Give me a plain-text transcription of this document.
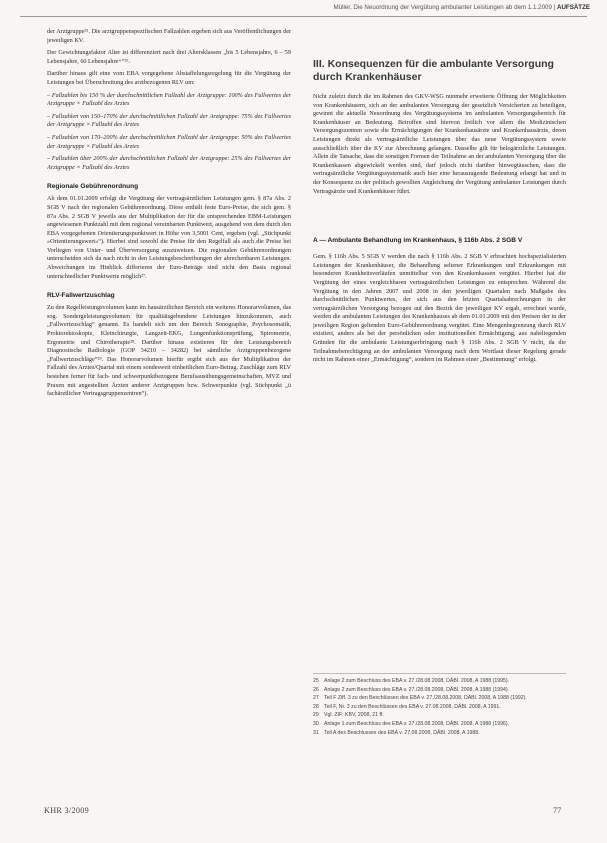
Müller, Die Neuordnung der Vergütung ambulanter Leistungen ab dem 1.1.2009 | AUFSÄTZE

der Arztgruppe²⁵. Die arztgruppenspezifischen Fallzahlen ergeben sich aus Veröffentlichungen der jeweiligen KV.

Der Gewichtungsfaktor Alter ist differenziert nach drei Altersklassen „bis 5 Lebensjahre, 6 – 59 Lebensjahre, 60 Lebensjahre+“²⁶.

Darüber hinaus gilt eine vom EBA vorgegebene Abstaffelungsregelung für die Vergütung der Leistungen bei Überschreitung des arztbezogenen RLV um:

– Fallzahlen bis 150 % der durchschnittlichen Fallzahl der Arztgruppe: 100% des Fallwertes der Arztgruppe × Fallzahl des Arztes

– Fallzahlen von 150–170% der durchschnittlichen Fallzahl der Arztgruppe: 75% des Fallwertes der Arztgruppe × Fallzahl des Arztes

– Fallzahlen von 170–200% der durchschnittlichen Fallzahl der Arztgruppe: 50% des Fallwertes der Arztgruppe × Fallzahl des Arztes

– Fallzahlen über 200% der durchschnittlichen Fallzahl der Arztgruppe: 25% des Fallwertes der Arztgruppe × Fallzahl des Arztes

Regionale Gebührenordnung

Ab dem 01.01.2009 erfolgt die Vergütung der vertragsärztlichen Leistungen gem. § 87a Abs. 2 SGB V nach der regionalen Gebührenordnung. Diese enthält feste Euro-Preise, die sich gem. § 87a Abs. 2 SGB V jeweils aus der Multiplikation der für die entsprechenden EBM-Leistungen angewiesenen Punktzahl mit dem regional vereinbarten Punktwert, ausgehend von dem durch den EBA vorgegebenen Orientierungspunktwert in Höhe von 3,5001 Cent, ergeben (vgl. „Stichpunkt »Orientierungswert«“). Hierbei sind sowohl die Preise für den Regelfall als auch die Preise bei Vorliegen von Unter- und Überversorgung auszuweisen. Die regionalen Gebührenordnungen unterscheiden sich da nach nicht in den Leistungsbeschreibungen der abrechenbaren Leistungen. Abweichungen im Hinblick differieren der Euro-Beträge sind nicht den Basis regional unterschiedlicher Punktwerte möglich²⁷.

RLV-Fallwertzuschlag

Zu den Regelleistungsvolumen kann im hausärztlichen Bereich ein weiteres Honorarvolumen, das sog. Sondergeleistungsvolumen für qualitätsgebundene Leistungen hinzukommen, auch „Fallwertzuschlag“ genannt. Es handelt sich um den Bereich Sonographie, Psychosomatik, Proktorektoskopie, Kleinchirurgie, Langzeit-EKG, Lungenfunktionsprüfung, Spirometrie, Ergometrie und Chirotherapie²⁸. Darüber hinaus existieren für den Leistungsbereich Diagnostische Radiologie (GOP 34210 – 34282) bei sämtliche Arztgruppenbezogene „Fallwertzuschläge“²⁹. Das Honorarvolumen hierfür ergibt sich aus der Multiplikation der Fallzahl des Arztes/Quartal mit einem sondesweit einheitlichen Euro-Betrag. Zuschläge zum RLV bestehen ferner für fach- und schwerpunktbezogene Berufsausübungsgemeinschaften, MVZ und Praxen mit angestellten Ärzten anderer Arztgruppen bzw. Schwerpunkte (vgl. Stichpunkt „ü fachärztlicher Vertragsgruppenzentren“).

III. Konsequenzen für die ambulante Versorgung durch Krankenhäuser

Nicht zuletzt durch die im Rahmen des GKV-WSG nunmehr erweiterte Öffnung der Möglichkeiten von Krankenhäusern, sich an der ambulanten Versorgung der gesetzlich Versicherten zu beteiligen, gewinnt die aktuelle Neuordnung des Vergütungssystems im ambulanten Versorgungsbereich für Krankenhäuser an Bedeutung. Betroffen sind hiervon freilich vor allem die Medizinischen Versorgungszentren sowie die Ermächtigungen der Krankenhausärzte und Krankenhausärzte, deren Leistungen direkt als vertragsärztliche Leistungen über das neue Vergütungssystem sowie ausschließlich über die KV zur Abrechnung gelangen. Dasselbe gilt für belegärztliche Leistungen. Allein die Tatsache, dass die sonstigen Formen der Teilnahme an der ambulanten Versorgung über die Krankenkassen abgewickelt werden sind, darf jedoch nicht darüber hinwegtäuschen, dass die vertragsärztliche Vergütungssystematik auch hier eine herausragende Bedeutung erlangt hat und in der Konsequenz zu der politisch gewollten Angleichung der Vergütung ambulanter Leistungen durch Vertragsärzte und Krankenhäuser führt.

A — Ambulante Behandlung im Krankenhaus, § 116b Abs. 2 SGB V

Gem. § 116b Abs. 5 SGB V werden die nach § 116b Abs. 2 SGB V erbrachten hochspezialisierten Leistungen der Krankenhäuser, die Behandlung seltener Erkrankungen und Erkrankungen mit besonderen Krankheitsverläufen unmittelbar von den Krankenkassen vergütet. Hierbei hat die Vergütung der eines vergleichbaren vertragsärztlichen Leistungen zu entsprechen. Während die Vergütung in den Jahren 2007 und 2008 in den jeweiligen Quartalen nach Maßgabe des durchschnittlichen Punktwertes, der sich aus den letzten Quartalsabrechnungen in der vertragsärztlichen Versorgung bezogen auf den Bezirk der jeweiligen KV ergab, errechnet wurde, werden die ambulanten Leistungen des Krankenhauses ab dem 01.01.2009 mit den Preisen der in der jeweiligen Region geltenden Euro-Gebührenordnung vergütet. Eine Mengenbegrenzung durch RLV existiert, anders als bei der persönlichen oder institutionellen Ermächtigung, aus naheliegenden Gründen für die ambulante Leistungserbringung nach § 116b Abs. 2 SGB V nicht, da die Teilnahmeberechtigung an der ambulanten Versorgung nach dem Wortlaut dieser Regelung gerade nicht im Rahmen einer „Ermächtigung“, sondern im Rahmen einer „Bestimmung“ erfolgt.

25 Anlage 2 zum Beschluss des EBA v. 27./28.08.2008, DÄBl. 2008, A 1988 (1995).
26 Anlage 2 zum Beschluss des EBA v. 27./28.08.2008, DÄBl. 2008, A 1988 (1994).
27 Teil F Ziff. 3 zu den Beschlüssen des EBA v. 27./28.08.2008, DÄBl. 2008, A 1988 (1992).
28 Teil F, Nr. 3 zu den Beschlüssen des EBA v. 27.08.2008, DÄBl. 2008, A 1991.
29 Vgl. ZIF: KBV, 2008, 21 ff.
30 Anlage 1 zum Beschluss des EBA v. 27./28.08.2008, DÄBl. 2008, A 1988 (1996).
31 Teil A des Beschlusses des EBA v. 27.08.2008, DÄBl. 2008, A 1988.
KHR 3/2009	77
